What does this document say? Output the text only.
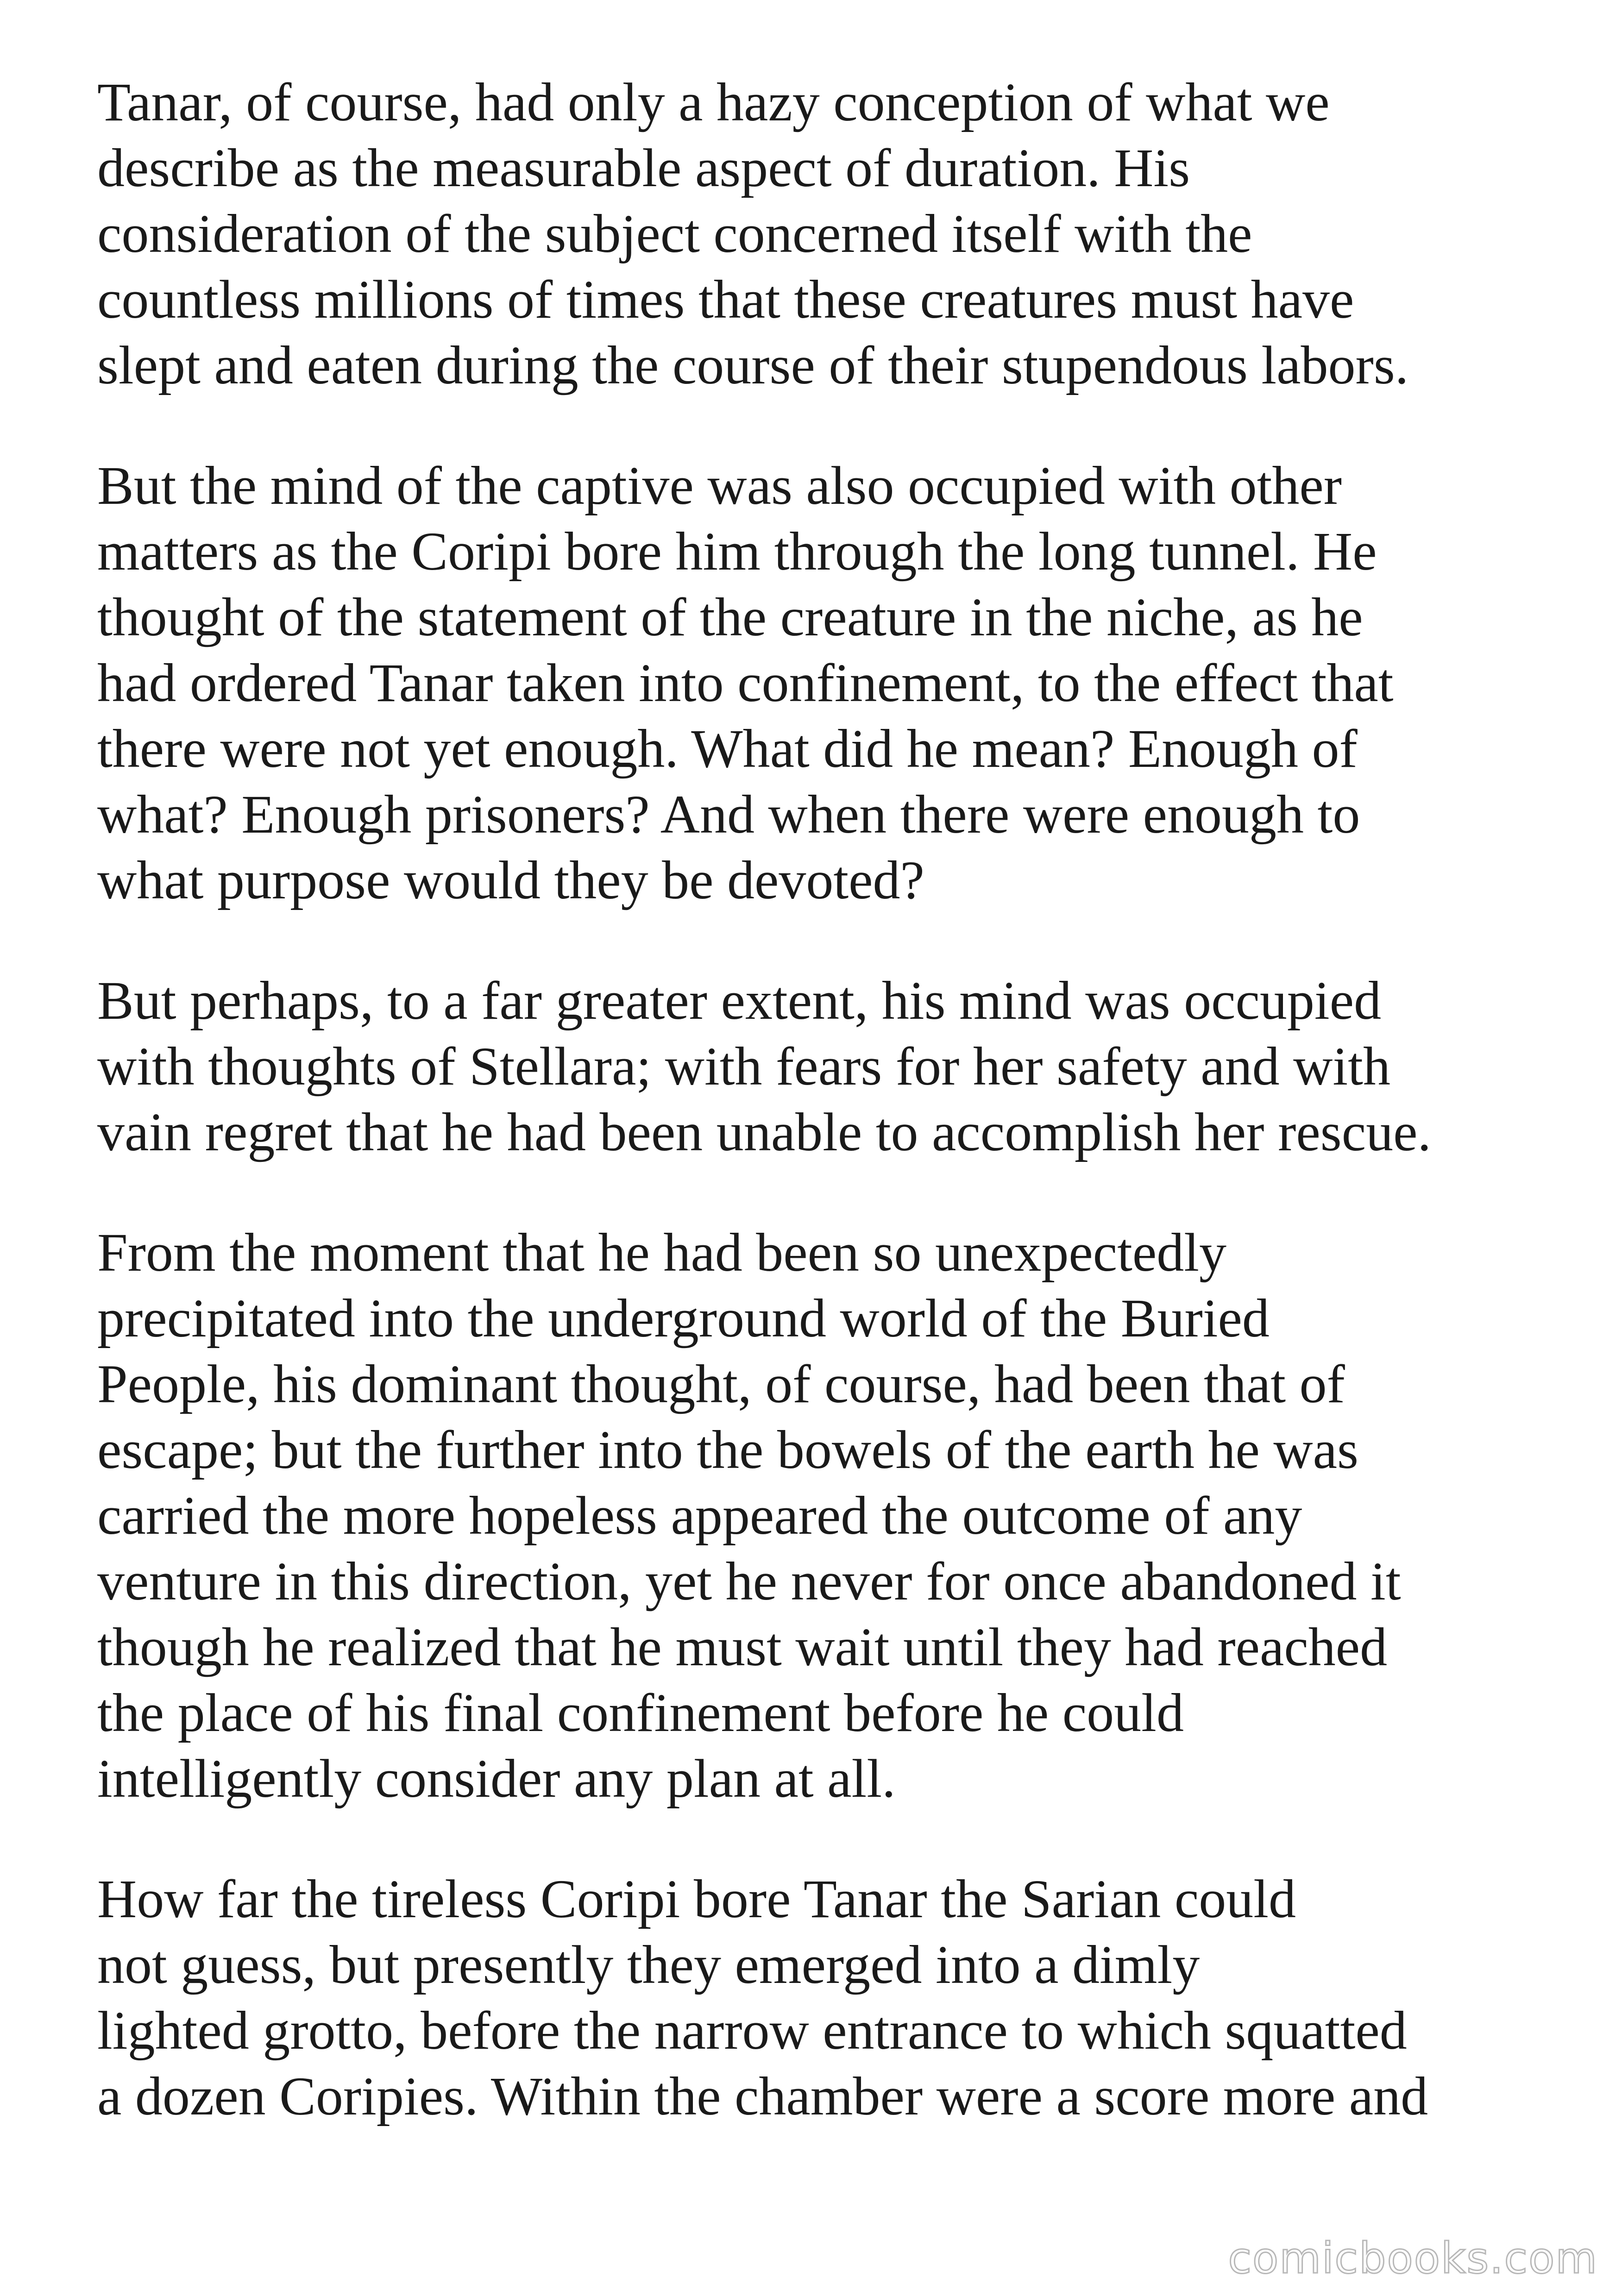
Tanar, of course, had only a hazy conception of what we
describe as the measurable aspect of duration. His
consideration of the subject concerned itself with the
countless millions of times that these creatures must have
slept and eaten during the course of their stupendous labors.

But the mind of the captive was also occupied with other
matters as the Coripi bore him through the long tunnel. He
thought of the statement of the creature in the niche, as he
had ordered Tanar taken into confinement, to the effect that
there were not yet enough. What did he mean? Enough of
what? Enough prisoners? And when there were enough to
what purpose would they be devoted?

But perhaps, to a far greater extent, his mind was occupied
with thoughts of Stellara; with fears for her safety and with
vain regret that he had been unable to accomplish her rescue.

From the moment that he had been so unexpectedly
precipitated into the underground world of the Buried
People, his dominant thought, of course, had been that of
escape; but the further into the bowels of the earth he was
carried the more hopeless appeared the outcome of any
venture in this direction, yet he never for once abandoned it
though he realized that he must wait until they had reached
the place of his final confinement before he could
intelligently consider any plan at all.

How far the tireless Coripi bore Tanar the Sarian could
not guess, but presently they emerged into a dimly
lighted grotto, before the narrow entrance to which squatted
a dozen Coripies. Within the chamber were a score more and

comicbooks.com
